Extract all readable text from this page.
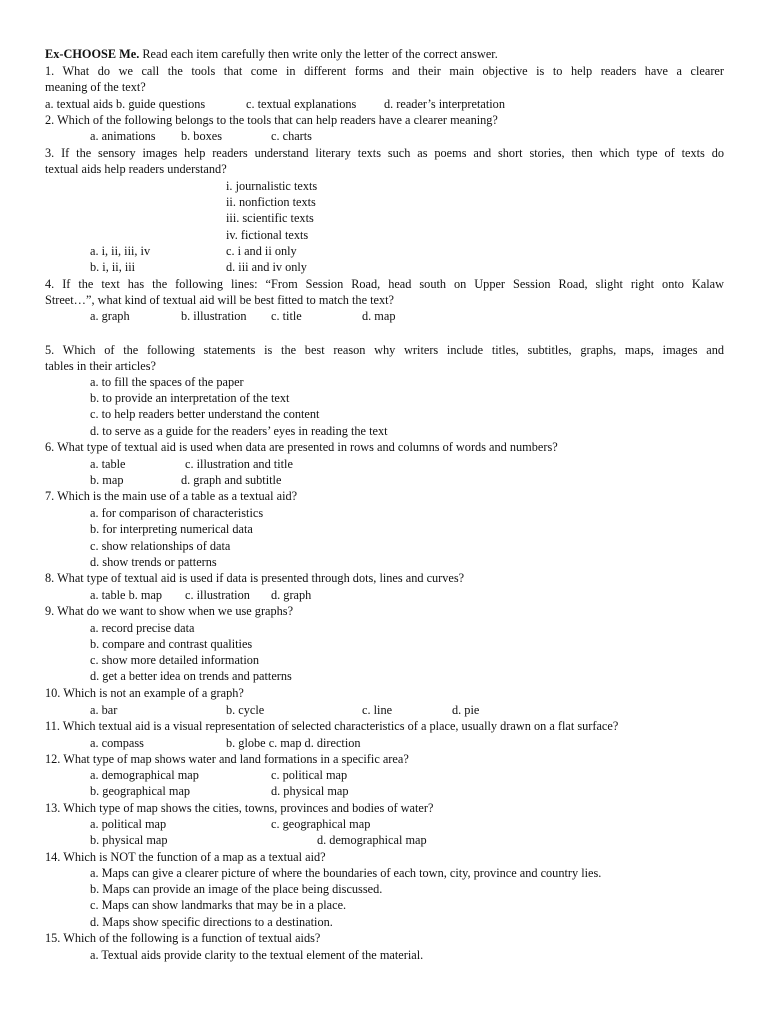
Ex-CHOOSE Me. Read each item carefully then write only the letter of the correct answer.
1. What do we call the tools that come in different forms and their main objective is to help readers have a clearer
meaning of the text?
a. textual aids b. guide questions	c. textual explanations d. reader’s interpretation
2. Which of the following belongs to the tools that can help readers have a clearer meaning?
a. animations b. boxes	c. charts
3. If the sensory images help readers understand literary texts such as poems and short stories, then which type of texts do
textual aids help readers understand?
i. journalistic texts
ii. nonfiction texts
iii. scientific texts
iv. fictional texts
a. i, ii, iii, iv	c. i and ii only
b. i, ii, iii	d. iii and iv only
4. If the text has the following lines: “From Session Road, head south on Upper Session Road, slight right onto Kalaw
Street…”, what kind of textual aid will be best fitted to match the text?
a. graph	b. illustration c. title	d. map
5. Which of the following statements is the best reason why writers include titles, subtitles, graphs, maps, images and
tables in their articles?
a. to fill the spaces of the paper
b. to provide an interpretation of the text
c. to help readers better understand the content
d. to serve as a guide for the readers’ eyes in reading the text
6. What type of textual aid is used when data are presented in rows and columns of words and numbers?
a. table	c. illustration and title
b. map	d. graph and subtitle
7. Which is the main use of a table as a textual aid?
a. for comparison of characteristics
b. for interpreting numerical data
c. show relationships of data
d. show trends or patterns
8. What type of textual aid is used if data is presented through dots, lines and curves?
a. table b. map c. illustration d. graph
9. What do we want to show when we use graphs?
a. record precise data
b. compare and contrast qualities
c. show more detailed information
d. get a better idea on trends and patterns
10. Which is not an example of a graph?
a. bar	b. cycle	c. line	d. pie
11. Which textual aid is a visual representation of selected characteristics of a place, usually drawn on a flat surface?
a. compass	b. globe c. map d. direction
12. What type of map shows water and land formations in a specific area?
a. demographical map	c. political map
b. geographical map	d. physical map
13. Which type of map shows the cities, towns, provinces and bodies of water?
a. political map	c. geographical map
b. physical map	d. demographical map
14. Which is NOT the function of a map as a textual aid?
a. Maps can give a clearer picture of where the boundaries of each town, city, province and country lies.
b. Maps can provide an image of the place being discussed.
c. Maps can show landmarks that may be in a place.
d. Maps show specific directions to a destination.
15. Which of the following is a function of textual aids?
a. Textual aids provide clarity to the textual element of the material.
